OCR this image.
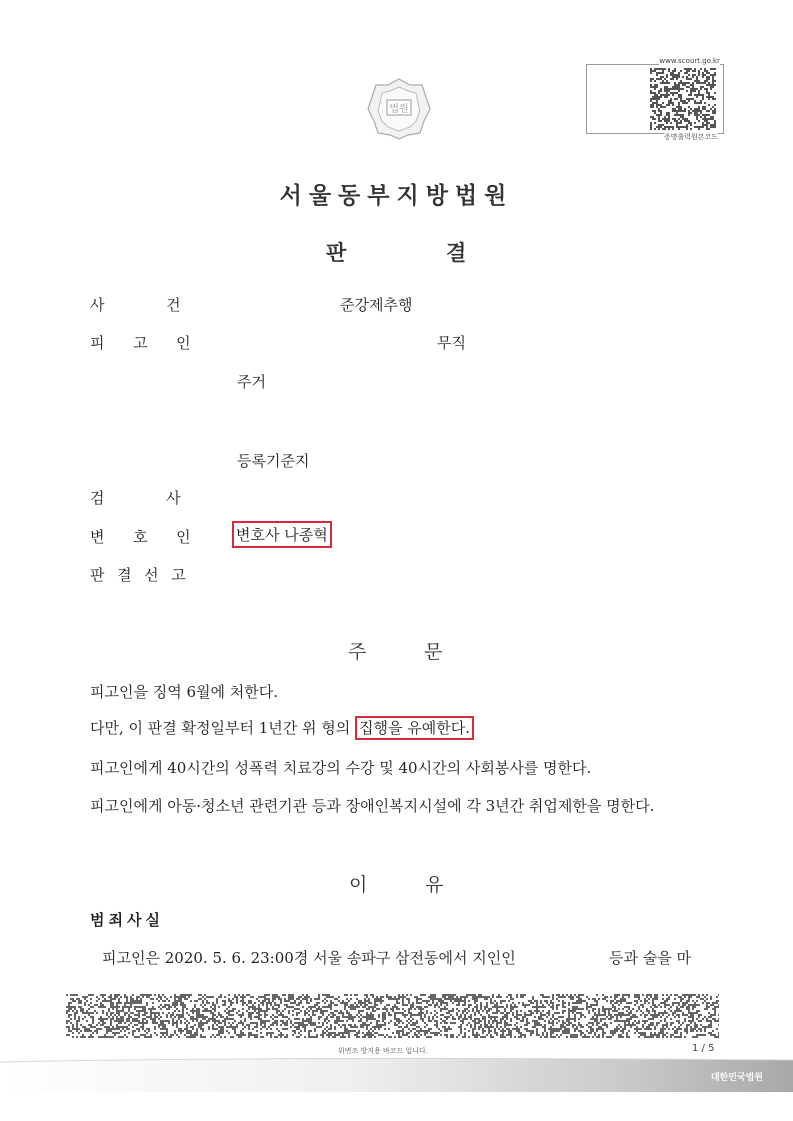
법원
www.scourt.go.kr
증명출력원본코드
서울동부지방법원
판	결
사	건	준강제추행
피 고 인	무직
주거
등록기준지
검	사
변 호 인	변호사 나종혁
판 결 선 고
주	문
피고인을 징역 6월에 처한다.
다만, 이 판결 확정일부터 1년간 위 형의 집행을 유예한다.
피고인에게 40시간의 성폭력 치료강의 수강 및 40시간의 사회봉사를 명한다.
피고인에게 아동·청소년 관련기관 등과 장애인복지시설에 각 3년간 취업제한을 명한다.
이	유
범죄사실
피고인은 2020. 5. 6. 23:00경 서울 송파구 삼전동에서 지인인	등과 술을 마
위변조 방지용 바코드 입니다.	1 / 5
대한민국법원
